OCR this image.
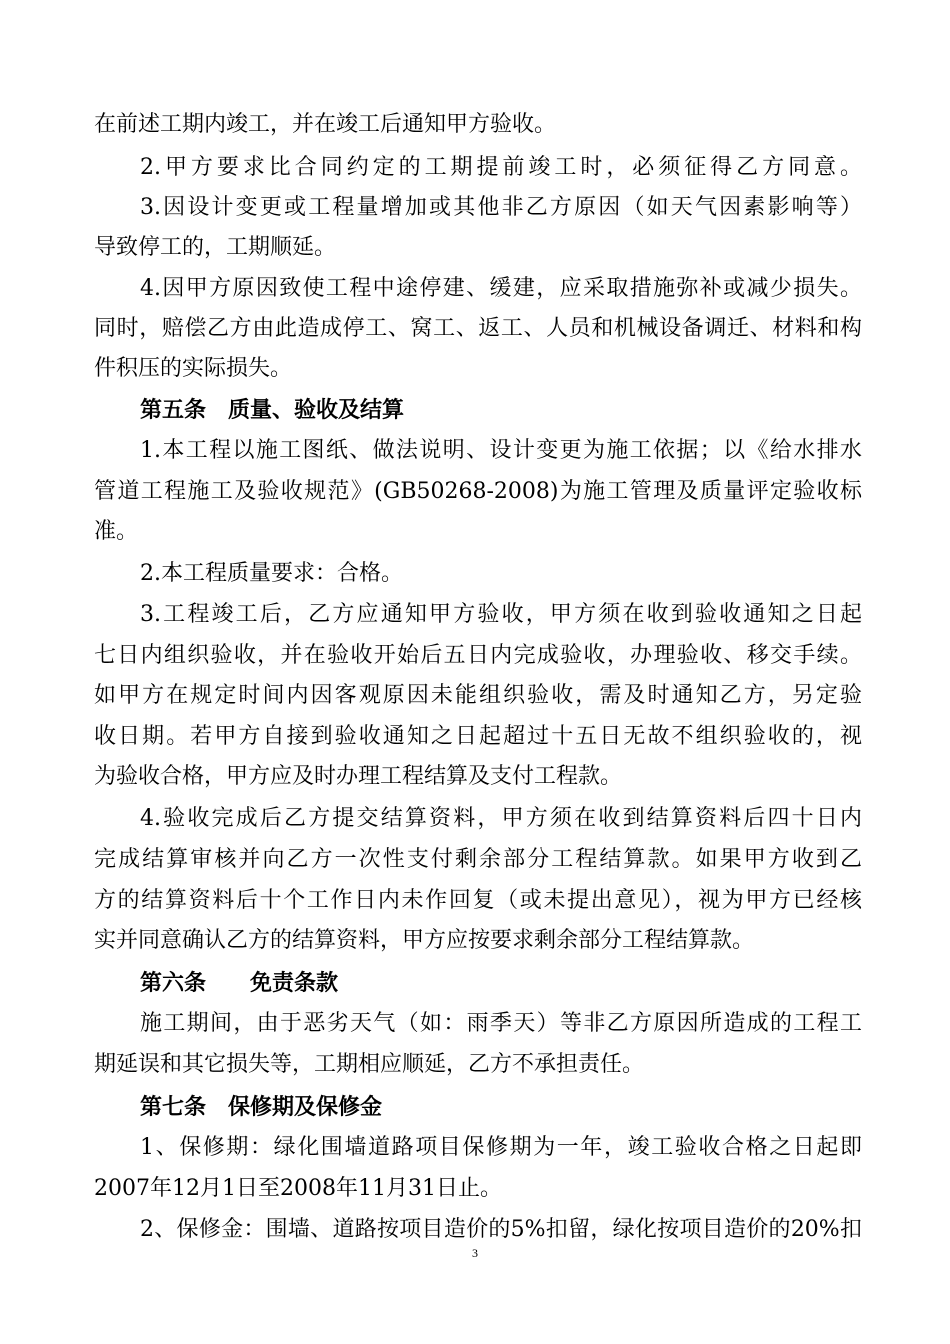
在前述工期内竣工，并在竣工后通知甲方验收。
2.甲方要求比合同约定的工期提前竣工时，必须征得乙方同意。
3.因设计变更或工程量增加或其他非乙方原因（如天气因素影响等）
导致停工的，工期顺延。
4.因甲方原因致使工程中途停建、缓建，应采取措施弥补或减少损失。
同时，赔偿乙方由此造成停工、窝工、返工、人员和机械设备调迁、材料和构
件积压的实际损失。
第五条　质量、验收及结算
1.本工程以施工图纸、做法说明、设计变更为施工依据；以《给水排水
管道工程施工及验收规范》(GB50268-2008)为施工管理及质量评定验收标
准。
2.本工程质量要求：合格。
3.工程竣工后，乙方应通知甲方验收，甲方须在收到验收通知之日起
七日内组织验收，并在验收开始后五日内完成验收，办理验收、移交手续。
如甲方在规定时间内因客观原因未能组织验收，需及时通知乙方，另定验
收日期。若甲方自接到验收通知之日起超过十五日无故不组织验收的，视
为验收合格，甲方应及时办理工程结算及支付工程款。
4.验收完成后乙方提交结算资料，甲方须在收到结算资料后四十日内
完成结算审核并向乙方一次性支付剩余部分工程结算款。如果甲方收到乙
方的结算资料后十个工作日内未作回复（或未提出意见），视为甲方已经核
实并同意确认乙方的结算资料，甲方应按要求剩余部分工程结算款。
第六条　　免责条款
施工期间，由于恶劣天气（如：雨季天）等非乙方原因所造成的工程工
期延误和其它损失等，工期相应顺延，乙方不承担责任。
第七条　保修期及保修金
1、保修期：绿化围墙道路项目保修期为一年，竣工验收合格之日起即
2007年12月1日至2008年11月31日止。
2、保修金：围墙、道路按项目造价的5%扣留，绿化按项目造价的20%扣
3
